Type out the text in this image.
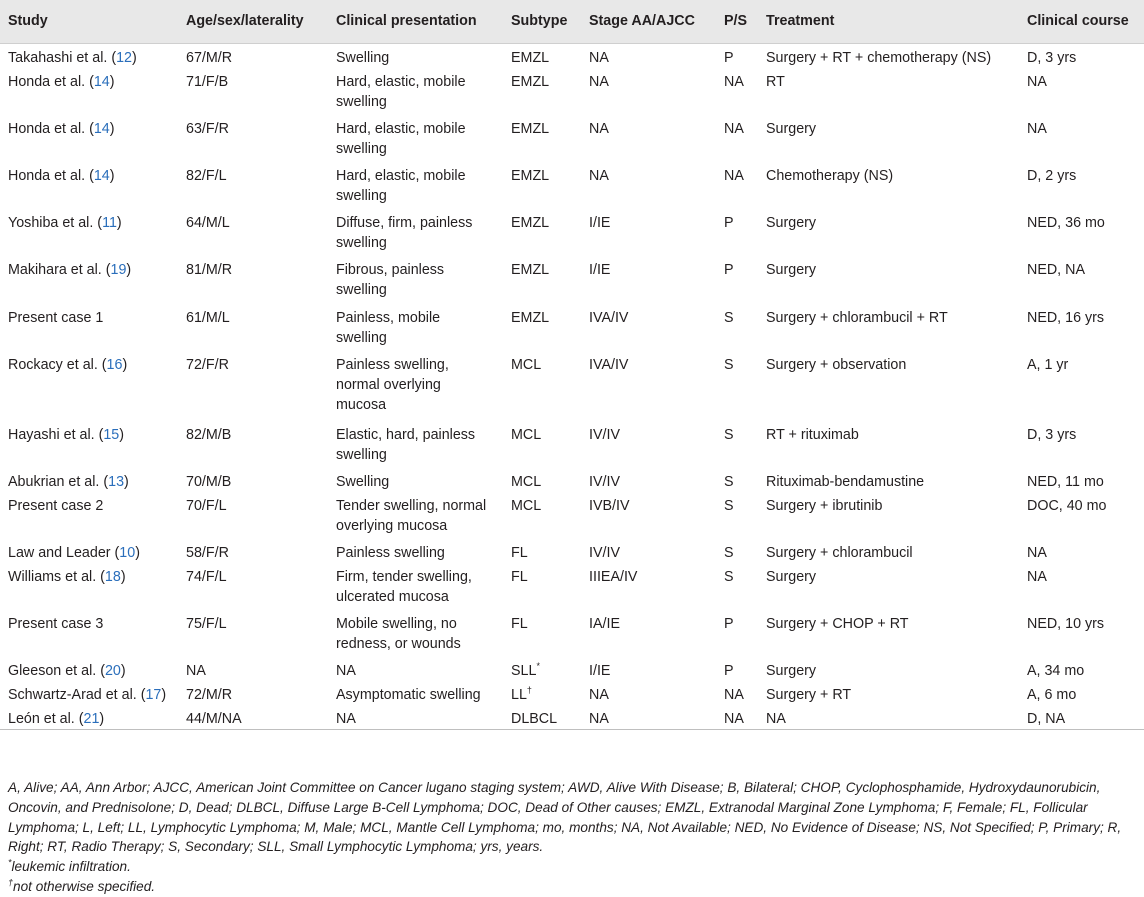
Study	Age/sex/laterality	Clinical presentation	Subtype	Stage AA/AJCC	P/S	Treatment	Clinical course
Takahashi et al. (12)	67/M/R	Swelling	EMZL	NA	P	Surgery + RT + chemotherapy (NS)	D, 3 yrs
Honda et al. (14)	71/F/B	Hard, elastic, mobile
swelling	EMZL	NA	NA	RT	NA
Honda et al. (14)	63/F/R	Hard, elastic, mobile
swelling	EMZL	NA	NA	Surgery	NA
Honda et al. (14)	82/F/L	Hard, elastic, mobile
swelling	EMZL	NA	NA	Chemotherapy (NS)	D, 2 yrs
Yoshiba et al. (11)	64/M/L	Diffuse, firm, painless
swelling	EMZL	I/IE	P	Surgery	NED, 36 mo
Makihara et al. (19)	81/M/R	Fibrous, painless
swelling	EMZL	I/IE	P	Surgery	NED, NA
Present case 1	61/M/L	Painless, mobile
swelling	EMZL	IVA/IV	S	Surgery + chlorambucil + RT	NED, 16 yrs
Rockacy et al. (16)	72/F/R	Painless swelling,
normal overlying
mucosa	MCL	IVA/IV	S	Surgery + observation	A, 1 yr
Hayashi et al. (15)	82/M/B	Elastic, hard, painless
swelling	MCL	IV/IV	S	RT + rituximab	D, 3 yrs
Abukrian et al. (13)	70/M/B	Swelling	MCL	IV/IV	S	Rituximab-bendamustine	NED, 11 mo
Present case 2	70/F/L	Tender swelling, normal
overlying mucosa	MCL	IVB/IV	S	Surgery + ibrutinib	DOC, 40 mo
Law and Leader (10)	58/F/R	Painless swelling	FL	IV/IV	S	Surgery + chlorambucil	NA
Williams et al. (18)	74/F/L	Firm, tender swelling,
ulcerated mucosa	FL	IIIEA/IV	S	Surgery	NA
Present case 3	75/F/L	Mobile swelling, no
redness, or wounds	FL	IA/IE	P	Surgery + CHOP + RT	NED, 10 yrs
Gleeson et al. (20)	NA	NA	SLL*	I/IE	P	Surgery	A, 34 mo
Schwartz-Arad et al. (17)	72/M/R	Asymptomatic swelling	LL†	NA	NA	Surgery + RT	A, 6 mo
León et al. (21)	44/M/NA	NA	DLBCL	NA	NA	NA	D, NA

A, Alive; AA, Ann Arbor; AJCC, American Joint Committee on Cancer lugano staging system; AWD, Alive With Disease; B, Bilateral; CHOP, Cyclophosphamide, Hydroxydaunorubicin, Oncovin, and Prednisolone; D, Dead; DLBCL, Diffuse Large B-Cell Lymphoma; DOC, Dead of Other causes; EMZL, Extranodal Marginal Zone Lymphoma; F, Female; FL, Follicular Lymphoma; L, Left; LL, Lymphocytic Lymphoma; M, Male; MCL, Mantle Cell Lymphoma; mo, months; NA, Not Available; NED, No Evidence of Disease; NS, Not Specified; P, Primary; R, Right; RT, Radio Therapy; S, Secondary; SLL, Small Lymphocytic Lymphoma; yrs, years.

*leukemic infiltration.

†not otherwise specified.
